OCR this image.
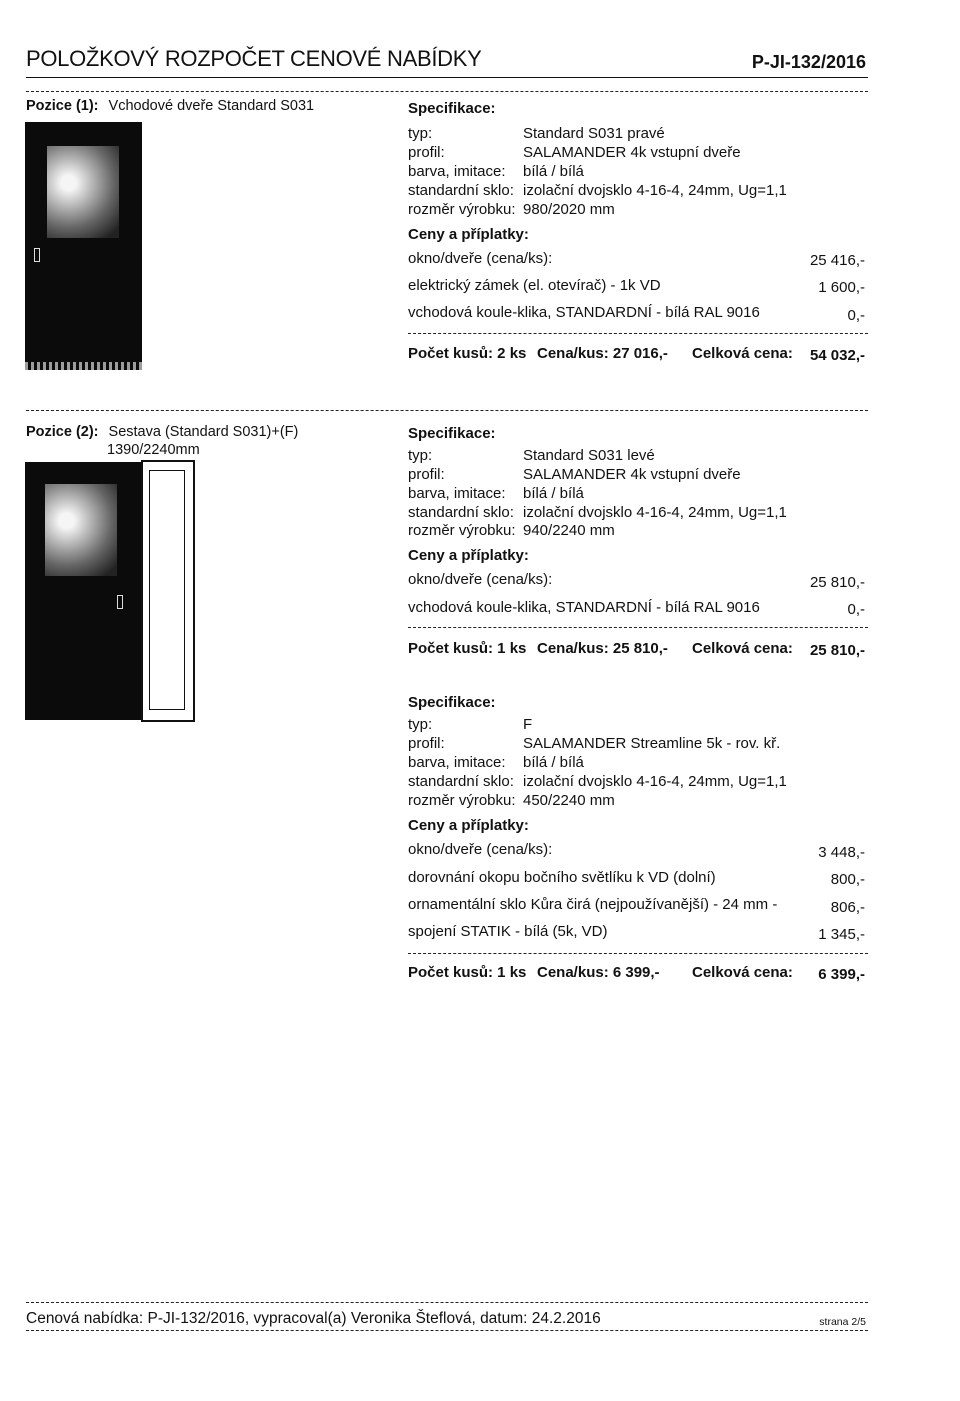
POLOŽKOVÝ ROZPOČET CENOVÉ NABÍDKY	P-JI-132/2016
Pozice (1): Vchodové dveře Standard S031	Specifikace:
typ:	Standard S031 pravé
profil:	SALAMANDER 4k vstupní dveře
barva, imitace: bílá / bílá
standardní sklo: izolační dvojsklo 4-16-4, 24mm, Ug=1,1
rozměr výrobku: 980/2020 mm
Ceny a příplatky:
okno/dveře (cena/ks):	25 416,-
elektrický zámek (el. otevírač) - 1k VD	1 600,-
vchodová koule-klika, STANDARDNÍ - bílá RAL 9016	0,-
Počet kusů: 2 ks Cena/kus: 27 016,- Celková cena: 54 032,-
Pozice (2): Sestava (Standard S031)+(F)
1390/2240mm
Specifikace:
typ:	Standard S031 levé
profil:	SALAMANDER 4k vstupní dveře
barva, imitace: bílá / bílá
standardní sklo: izolační dvojsklo 4-16-4, 24mm, Ug=1,1
rozměr výrobku: 940/2240 mm
Ceny a příplatky:
okno/dveře (cena/ks):	25 810,-
vchodová koule-klika, STANDARDNÍ - bílá RAL 9016	0,-
Počet kusů: 1 ks Cena/kus: 25 810,- Celková cena: 25 810,-
Specifikace:
typ:	F
profil:	SALAMANDER Streamline 5k - rov. kř.
barva, imitace: bílá / bílá
standardní sklo: izolační dvojsklo 4-16-4, 24mm, Ug=1,1
rozměr výrobku: 450/2240 mm
Ceny a příplatky:
okno/dveře (cena/ks):	3 448,-
dorovnání okopu bočního světlíku k VD (dolní)	800,-
ornamentální sklo Kůra čirá (nejpoužívanější) - 24 mm -	806,-
spojení STATIK - bílá (5k, VD)	1 345,-
Počet kusů: 1 ks Cena/kus: 6 399,- Celková cena: 6 399,-
Cenová nabídka: P-JI-132/2016, vypracoval(a) Veronika Šteflová, datum: 24.2.2016	strana 2/5
